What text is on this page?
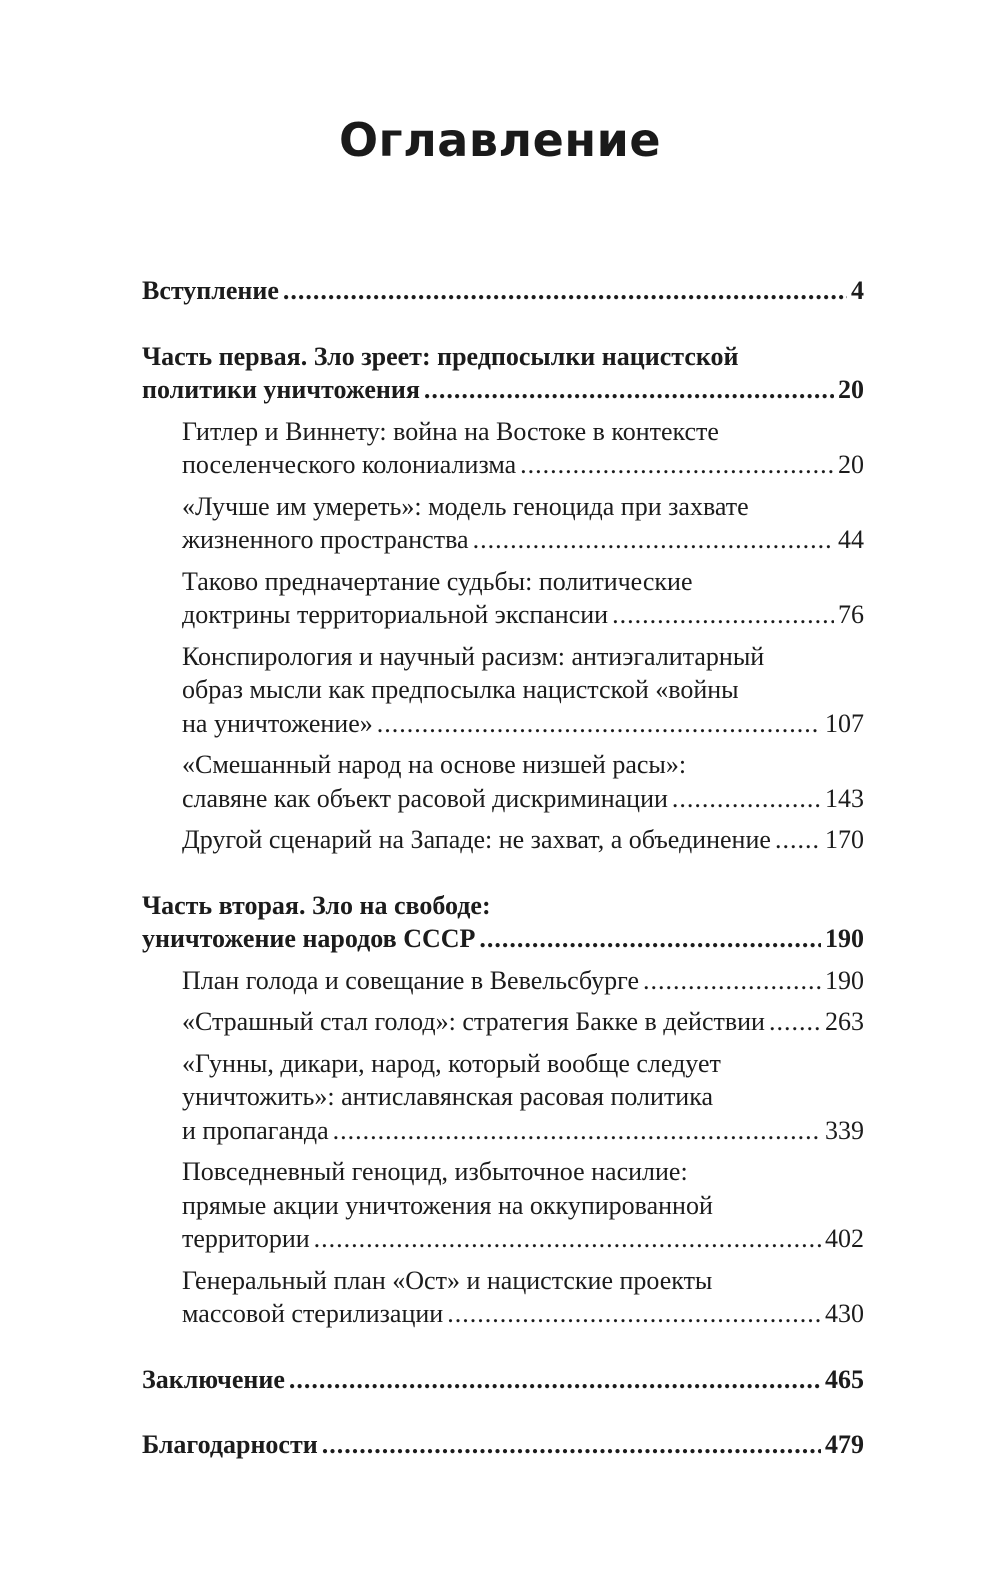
Оглавление
Вступление .....	4
Часть первая. Зло зреет: предпосылки нацистской
политики уничтожения .....	20
Гитлер и Виннету: война на Востоке в контексте
поселенческого колониализма .....	20
«Лучше им умереть»: модель геноцида при захвате
жизненного пространства .....	44
Таково предначертание судьбы: политические
доктрины территориальной экспансии .....	76
Конспирология и научный расизм: антиэгалитарный
образ мысли как предпосылка нацистской «войны
на уничтожение» .....	107
«Смешанный народ на основе низшей расы»:
славяне как объект расовой дискриминации .....	143
Другой сценарий на Западе: не захват, а объединение ..... 170
Часть вторая. Зло на свободе:
уничтожение народов СССР .....	190
План голода и совещание в Вевельсбурге .....	190
«Страшный стал голод»: стратегия Бакке в действии ..... 263
«Гунны, дикари, народ, который вообще следует
уничтожить»: антиславянская расовая политика
и пропаганда .....	339
Повседневный геноцид, избыточное насилие:
прямые акции уничтожения на оккупированной
территории .....	402
Генеральный план «Ост» и нацистские проекты
массовой стерилизации .....	430
Заключение .....	465
Благодарности .....	479
